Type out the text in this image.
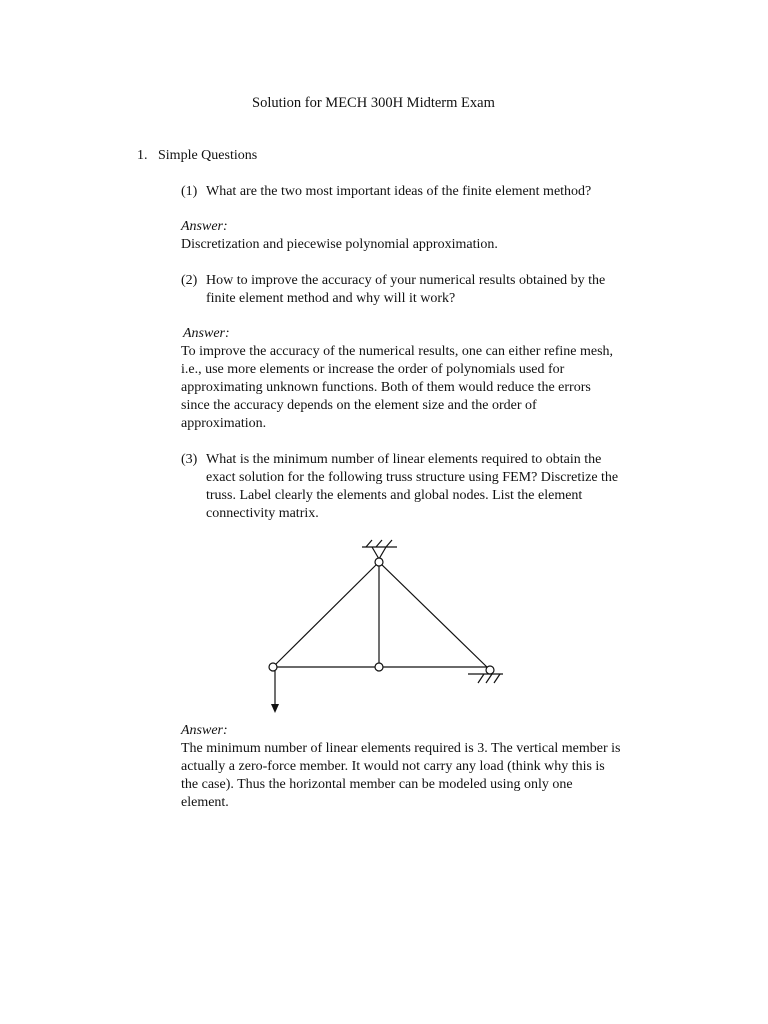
Solution for MECH 300H Midterm Exam
1. Simple Questions
(1) What are the two most important ideas of the finite element method?
Answer:
Discretization and piecewise polynomial approximation.
(2) How to improve the accuracy of your numerical results obtained by the
finite element method and why will it work?
Answer:
To improve the accuracy of the numerical results, one can either refine mesh,
i.e., use more elements or increase the order of polynomials used for
approximating unknown functions. Both of them would reduce the errors
since the accuracy depends on the element size and the order of
approximation.
(3) What is the minimum number of linear elements required to obtain the
exact solution for the following truss structure using FEM? Discretize the
truss. Label clearly the elements and global nodes. List the element
connectivity matrix.
Answer:
The minimum number of linear elements required is 3. The vertical member is
actually a zero-force member. It would not carry any load (think why this is
the case). Thus the horizontal member can be modeled using only one
element.
